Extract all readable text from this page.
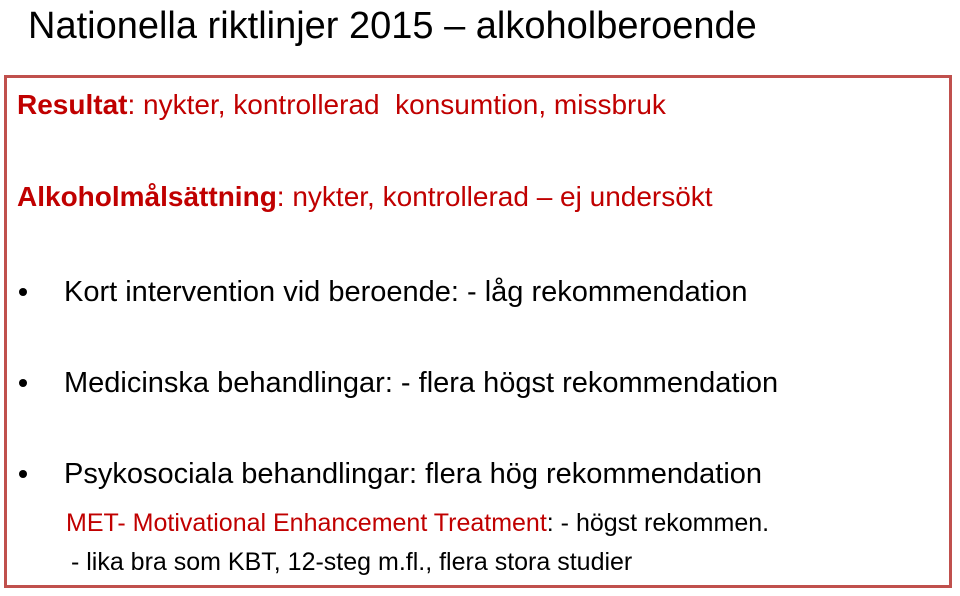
Nationella riktlinjer 2015 – alkoholberoende
Resultat: nykter, kontrollerad  konsumtion, missbruk
Alkoholmålsättning: nykter, kontrollerad – ej undersökt
Kort intervention vid beroende: - låg rekommendation
Medicinska behandlingar: - flera högst rekommendation
Psykosociala behandlingar: flera hög rekommendation
MET- Motivational Enhancement Treatment: - högst rekommen.
- lika bra som KBT, 12-steg m.fl., flera stora studier
